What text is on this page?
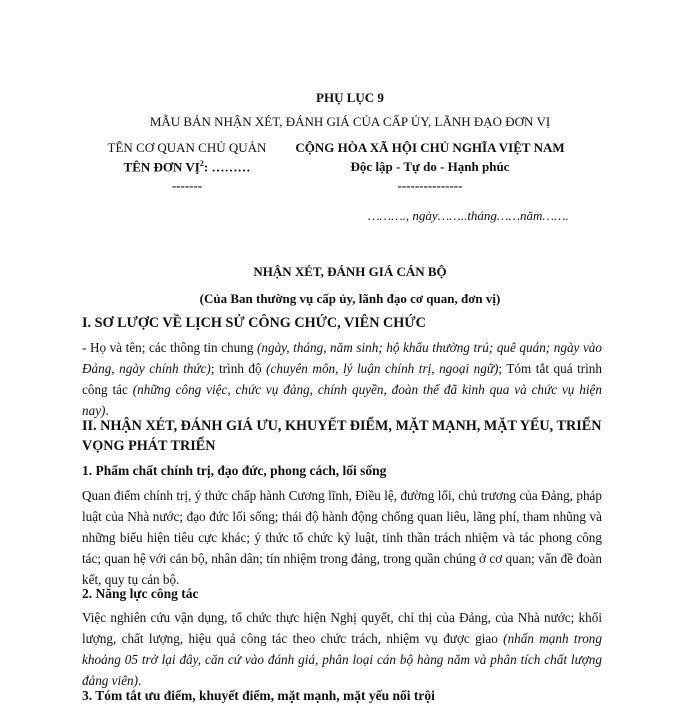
PHỤ LỤC 9
MẪU BẢN NHẬN XÉT, ĐÁNH GIÁ CỦA CẤP ỦY, LÃNH ĐẠO ĐƠN VỊ
TÊN CƠ QUAN CHỦ QUẢN
TÊN ĐƠN VỊ$^2$: ………
-------
CỘNG HÒA XÃ HỘI CHỦ NGHĨA VIỆT NAM
Độc lập - Tự do - Hạnh phúc
---------------
………., ngày……..tháng……năm…….
NHẬN XÉT, ĐÁNH GIÁ CÁN BỘ
(Của Ban thường vụ cấp ủy, lãnh đạo cơ quan, đơn vị)
I. SƠ LƯỢC VỀ LỊCH SỬ CÔNG CHỨC, VIÊN CHỨC
- Họ và tên; các thông tin chung (ngày, tháng, năm sinh; hộ khẩu thường trú; quê quán; ngày vào Đảng, ngày chính thức); trình độ (chuyên môn, lý luận chính trị, ngoại ngữ); Tóm tắt quá trình công tác (những công việc, chức vụ đảng, chính quyền, đoàn thể đã kinh qua và chức vụ hiện nay).
II. NHẬN XÉT, ĐÁNH GIÁ ƯU, KHUYẾT ĐIỂM, MẶT MẠNH, MẶT YẾU, TRIỂN VỌNG PHÁT TRIỂN
1. Phẩm chất chính trị, đạo đức, phong cách, lối sống
Quan điểm chính trị, ý thức chấp hành Cương lĩnh, Điều lệ, đường lối, chủ trương của Đảng, pháp luật của Nhà nước; đạo đức lối sống; thái độ hành động chống quan liêu, lãng phí, tham nhũng và những biểu hiện tiêu cực khác; ý thức tổ chức kỷ luật, tinh thần trách nhiệm và tác phong công tác; quan hệ với cán bộ, nhân dân; tín nhiệm trong đảng, trong quần chúng ở cơ quan; vấn đề đoàn kết, quy tụ cán bộ.
2. Năng lực công tác
Việc nghiên cứu vận dụng, tổ chức thực hiện Nghị quyết, chỉ thị của Đảng, của Nhà nước; khối lượng, chất lượng, hiệu quả công tác theo chức trách, nhiệm vụ được giao (nhấn mạnh trong khoảng 05 trở lại đây, căn cứ vào đánh giá, phân loại cán bộ hàng năm và phân tích chất lượng đảng viên).
3. Tóm tắt ưu điểm, khuyết điểm, mặt mạnh, mặt yếu nổi trội
